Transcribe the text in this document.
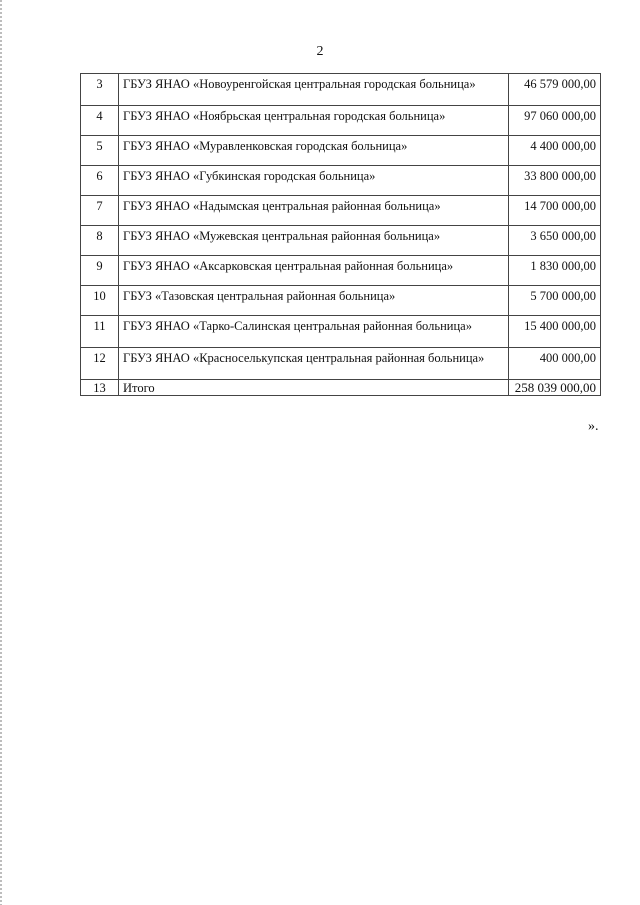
2
3	ГБУЗ ЯНАО «Новоуренгойская центральная городская больница»	46 579 000,00
4	ГБУЗ ЯНАО «Ноябрьская центральная городская больница»	97 060 000,00
5	ГБУЗ ЯНАО «Муравленковская городская больница»	4 400 000,00
6	ГБУЗ ЯНАО «Губкинская городская больница»	33 800 000,00
7	ГБУЗ ЯНАО «Надымская центральная районная больница»	14 700 000,00
8	ГБУЗ ЯНАО «Мужевская центральная районная больница»	3 650 000,00
9	ГБУЗ ЯНАО «Аксарковская центральная районная больница»	1 830 000,00
10	ГБУЗ «Тазовская центральная районная больница»	5 700 000,00
11	ГБУЗ ЯНАО «Тарко-Салинская центральная районная больница»	15 400 000,00
12	ГБУЗ ЯНАО «Красноселькупская центральная районная больница»	400 000,00
13	Итого	258 039 000,00
».
